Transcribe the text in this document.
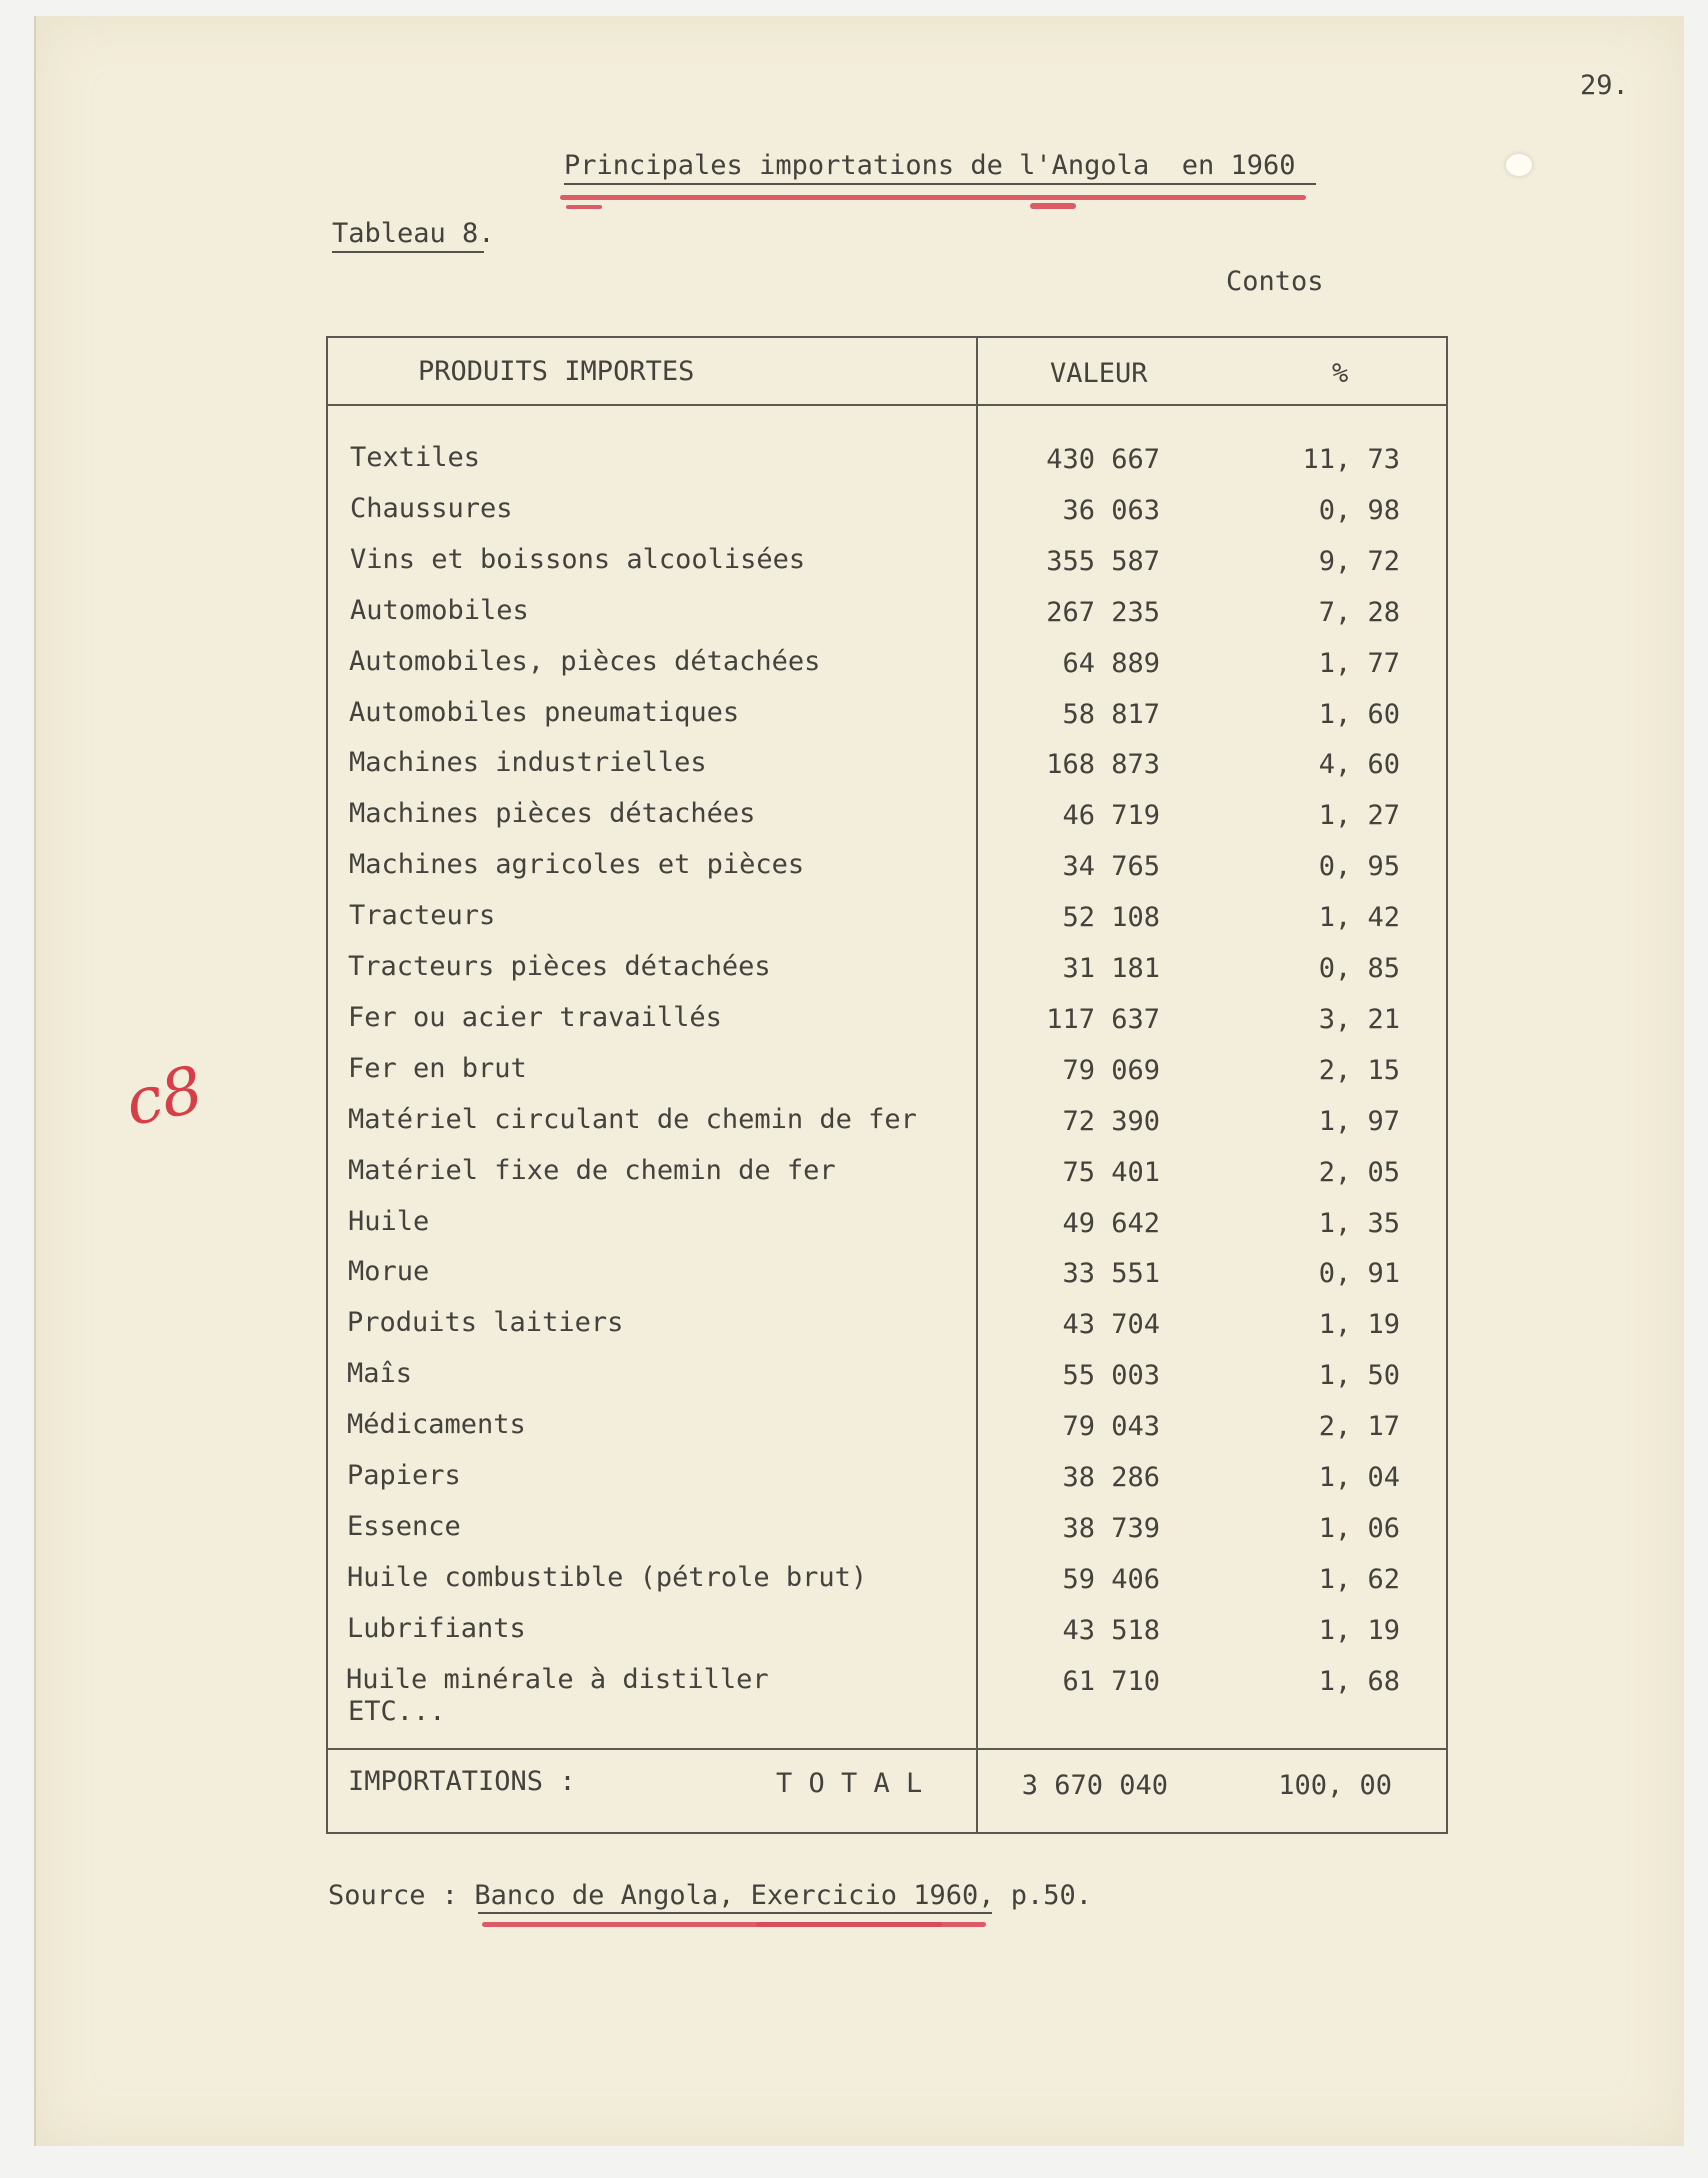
29.
Principales importations de l'Angola  en 1960
Tableau 8.
Contos
c8
PRODUITS IMPORTES	VALEUR	%
Textiles	430 667	11, 73
Chaussures	36 063	0, 98
Vins et boissons alcoolisées	355 587	9, 72
Automobiles	267 235	7, 28
Automobiles, pièces détachées	64 889	1, 77
Automobiles pneumatiques	58 817	1, 60
Machines industrielles	168 873	4, 60
Machines pièces détachées	46 719	1, 27
Machines agricoles et pièces	34 765	0, 95
Tracteurs	52 108	1, 42
Tracteurs pièces détachées	31 181	0, 85
Fer ou acier travaillés	117 637	3, 21
Fer en brut	79 069	2, 15
Matériel circulant de chemin de fer	72 390	1, 97
Matériel fixe de chemin de fer	75 401	2, 05
Huile	49 642	1, 35
Morue	33 551	0, 91
Produits laitiers	43 704	1, 19
Maîs	55 003	1, 50
Médicaments	79 043	2, 17
Papiers	38 286	1, 04
Essence	38 739	1, 06
Huile combustible (pétrole brut)	59 406	1, 62
Lubrifiants	43 518	1, 19
Huile minérale à distiller	61 710	1, 68
ETC...
IMPORTATIONS :	T O T A L	3 670 040	100, 00
Source : Banco de Angola, Exercicio 1960, p.50.
